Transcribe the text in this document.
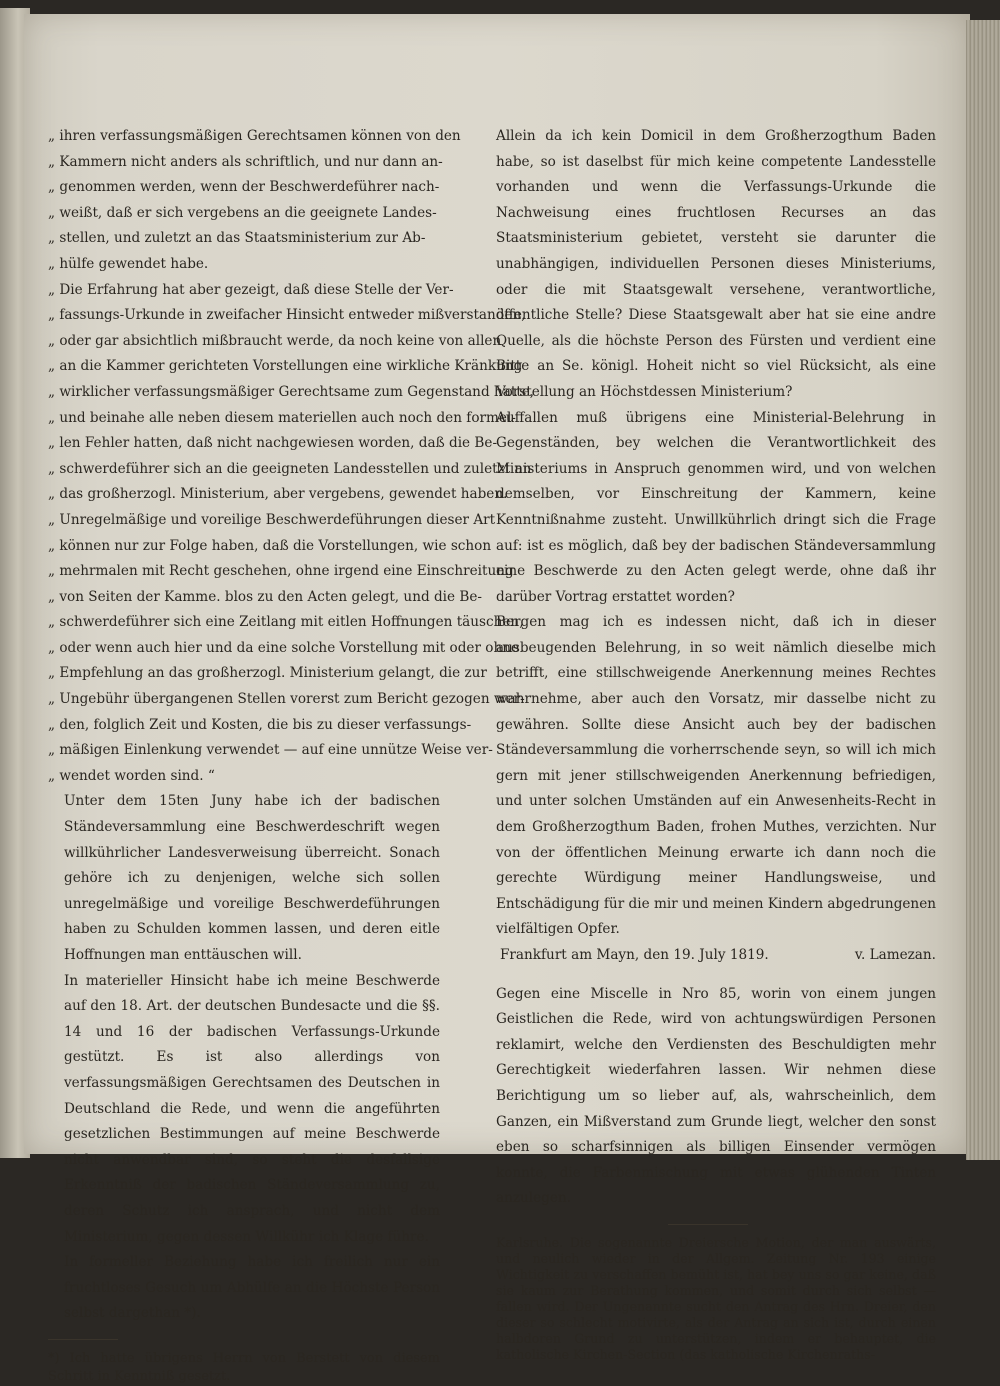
„ ihren verfassungsmäßigen Gerechtsamen können von den

„ Kammern nicht anders als schriftlich, und nur dann an-

„ genommen werden, wenn der Beschwerdeführer nach-

„ weißt, daß er sich vergebens an die geeignete Landes-

„ stellen, und zuletzt an das Staatsministerium zur Ab-

„ hülfe gewendet habe.

„ Die Erfahrung hat aber gezeigt, daß diese Stelle der Ver-

„ fassungs-Urkunde in zweifacher Hinsicht entweder mißverstanden,

„ oder gar absichtlich mißbraucht werde, da noch keine von allen

„ an die Kammer gerichteten Vorstellungen eine wirkliche Kränkung

„ wirklicher verfassungsmäßiger Gerechtsame zum Gegenstand hatte,

„ und beinahe alle neben diesem materiellen auch noch den formel-

„ len Fehler hatten, daß nicht nachgewiesen worden, daß die Be-

„ schwerdeführer sich an die geeigneten Landesstellen und zuletzt an

„ das großherzogl. Ministerium, aber vergebens, gewendet haben.

„ Unregelmäßige und voreilige Beschwerdeführungen dieser Art

„ können nur zur Folge haben, daß die Vorstellungen, wie schon

„ mehrmalen mit Recht geschehen, ohne irgend eine Einschreitung

„ von Seiten der Kamme. blos zu den Acten gelegt, und die Be-

„ schwerdeführer sich eine Zeitlang mit eitlen Hoffnungen täuschen,

„ oder wenn auch hier und da eine solche Vorstellung mit oder ohne

„ Empfehlung an das großherzogl. Ministerium gelangt, die zur

„ Ungebühr übergangenen Stellen vorerst zum Bericht gezogen wer-

„ den, folglich Zeit und Kosten, die bis zu dieser verfassungs-

„ mäßigen Einlenkung verwendet — auf eine unnütze Weise ver-

„ wendet worden sind. “

Unter dem 15ten Juny habe ich der badischen Ständeversammlung eine Beschwerdeschrift wegen willkührlicher Landesverweisung überreicht. Sonach gehöre ich zu denjenigen, welche sich sollen unregelmäßige und voreilige Beschwerdeführungen haben zu Schulden kommen lassen, und deren eitle Hoffnungen man enttäuschen will.

In materieller Hinsicht habe ich meine Beschwerde auf den 18. Art. der deutschen Bundesacte und die §§. 14 und 16 der badischen Verfassungs-Urkunde gestützt. Es ist also allerdings von verfassungsmäßigen Gerechtsamen des Deutschen in Deutschland die Rede, und wenn die angeführten gesetzlichen Bestimmungen auf meine Beschwerde nicht anwendbar sind, so steht die desfallsige Erkenntniß der badischen Ständeversammlung zu, deren Schutz ich ansprach, und nicht dem Ministerium, gegen dessen Willkühr ich Klage führe.

In formeller Beziehung habe ich freilich nur ein fruchtloses Gesuch um Abhülfe an die Höchste Person selbst dargethan *).

*) Ich hatte übrigens Herrn von Berstett von diesem Schritt in Kenntniß gesetzt.

Allein da ich kein Domicil in dem Großherzogthum Baden habe, so ist daselbst für mich keine competente Landesstelle vorhanden und wenn die Verfassungs-Urkunde die Nachweisung eines fruchtlosen Recurses an das Staatsministerium gebietet, versteht sie darunter die unabhängigen, individuellen Personen dieses Ministeriums, oder die mit Staatsgewalt versehene, verantwortliche, öffentliche Stelle? Diese Staatsgewalt aber hat sie eine andre Quelle, als die höchste Person des Fürsten und verdient eine Bitte an Se. königl. Hoheit nicht so viel Rücksicht, als eine Vorstellung an Höchstdessen Ministerium?

Auffallen muß übrigens eine Ministerial-Belehrung in Gegenständen, bey welchen die Verantwortlichkeit des Ministeriums in Anspruch genommen wird, und von welchen demselben, vor Einschreitung der Kammern, keine Kenntnißnahme zusteht. Unwillkührlich dringt sich die Frage auf: ist es möglich, daß bey der badischen Ständeversammlung eine Beschwerde zu den Acten gelegt werde, ohne daß ihr darüber Vortrag erstattet worden?

Bergen mag ich es indessen nicht, daß ich in dieser ausbeugenden Belehrung, in so weit nämlich dieselbe mich betrifft, eine stillschweigende Anerkennung meines Rechtes wahrnehme, aber auch den Vorsatz, mir dasselbe nicht zu gewähren. Sollte diese Ansicht auch bey der badischen Ständeversammlung die vorherrschende seyn, so will ich mich gern mit jener stillschweigenden Anerkennung befriedigen, und unter solchen Umständen auf ein Anwesenheits-Recht in dem Großherzogthum Baden, frohen Muthes, verzichten. Nur von der öffentlichen Meinung erwarte ich dann noch die gerechte Würdigung meiner Handlungsweise, und Entschädigung für die mir und meinen Kindern abgedrungenen vielfältigen Opfer.

Frankfurt am Mayn, den 19. July 1819.	v. Lamezan.

Gegen eine Miscelle in Nro 85, worin von einem jungen Geistlichen die Rede, wird von achtungswürdigen Personen reklamirt, welche den Verdiensten des Beschuldigten mehr Gerechtigkeit wiederfahren lassen. Wir nehmen diese Berichtigung um so lieber auf, als, wahrscheinlich, dem Ganzen, ein Mißverstand zum Grunde liegt, welcher den sonst eben so scharfsinnigen als billigen Einsender vermögen konnte, die Farbenmischung mit etwas glühenden Tinten anzulegen.

Karlsruhe. Die sogenannte Dreiersche Motion, der man auswärts, und neulich wieder in der Allgem. Zeitung Nr. 193 einige Wichtigkeit zu verschaffen bemüht ist, hat bey uns so gar keine, daß sie kaum zur Berathung kommen, und somit durch sich selbst — fallen wird. Der Ungenannte sucht den Antrag des Hrn. Dreier, den dieser so schlecht motivirte, als der Antrag an sich ist, durch einen halbdoren Grund zu unterstützen, indem er behauptet, die katholische Kirchen-Section (das katholische Kirchenraths-
